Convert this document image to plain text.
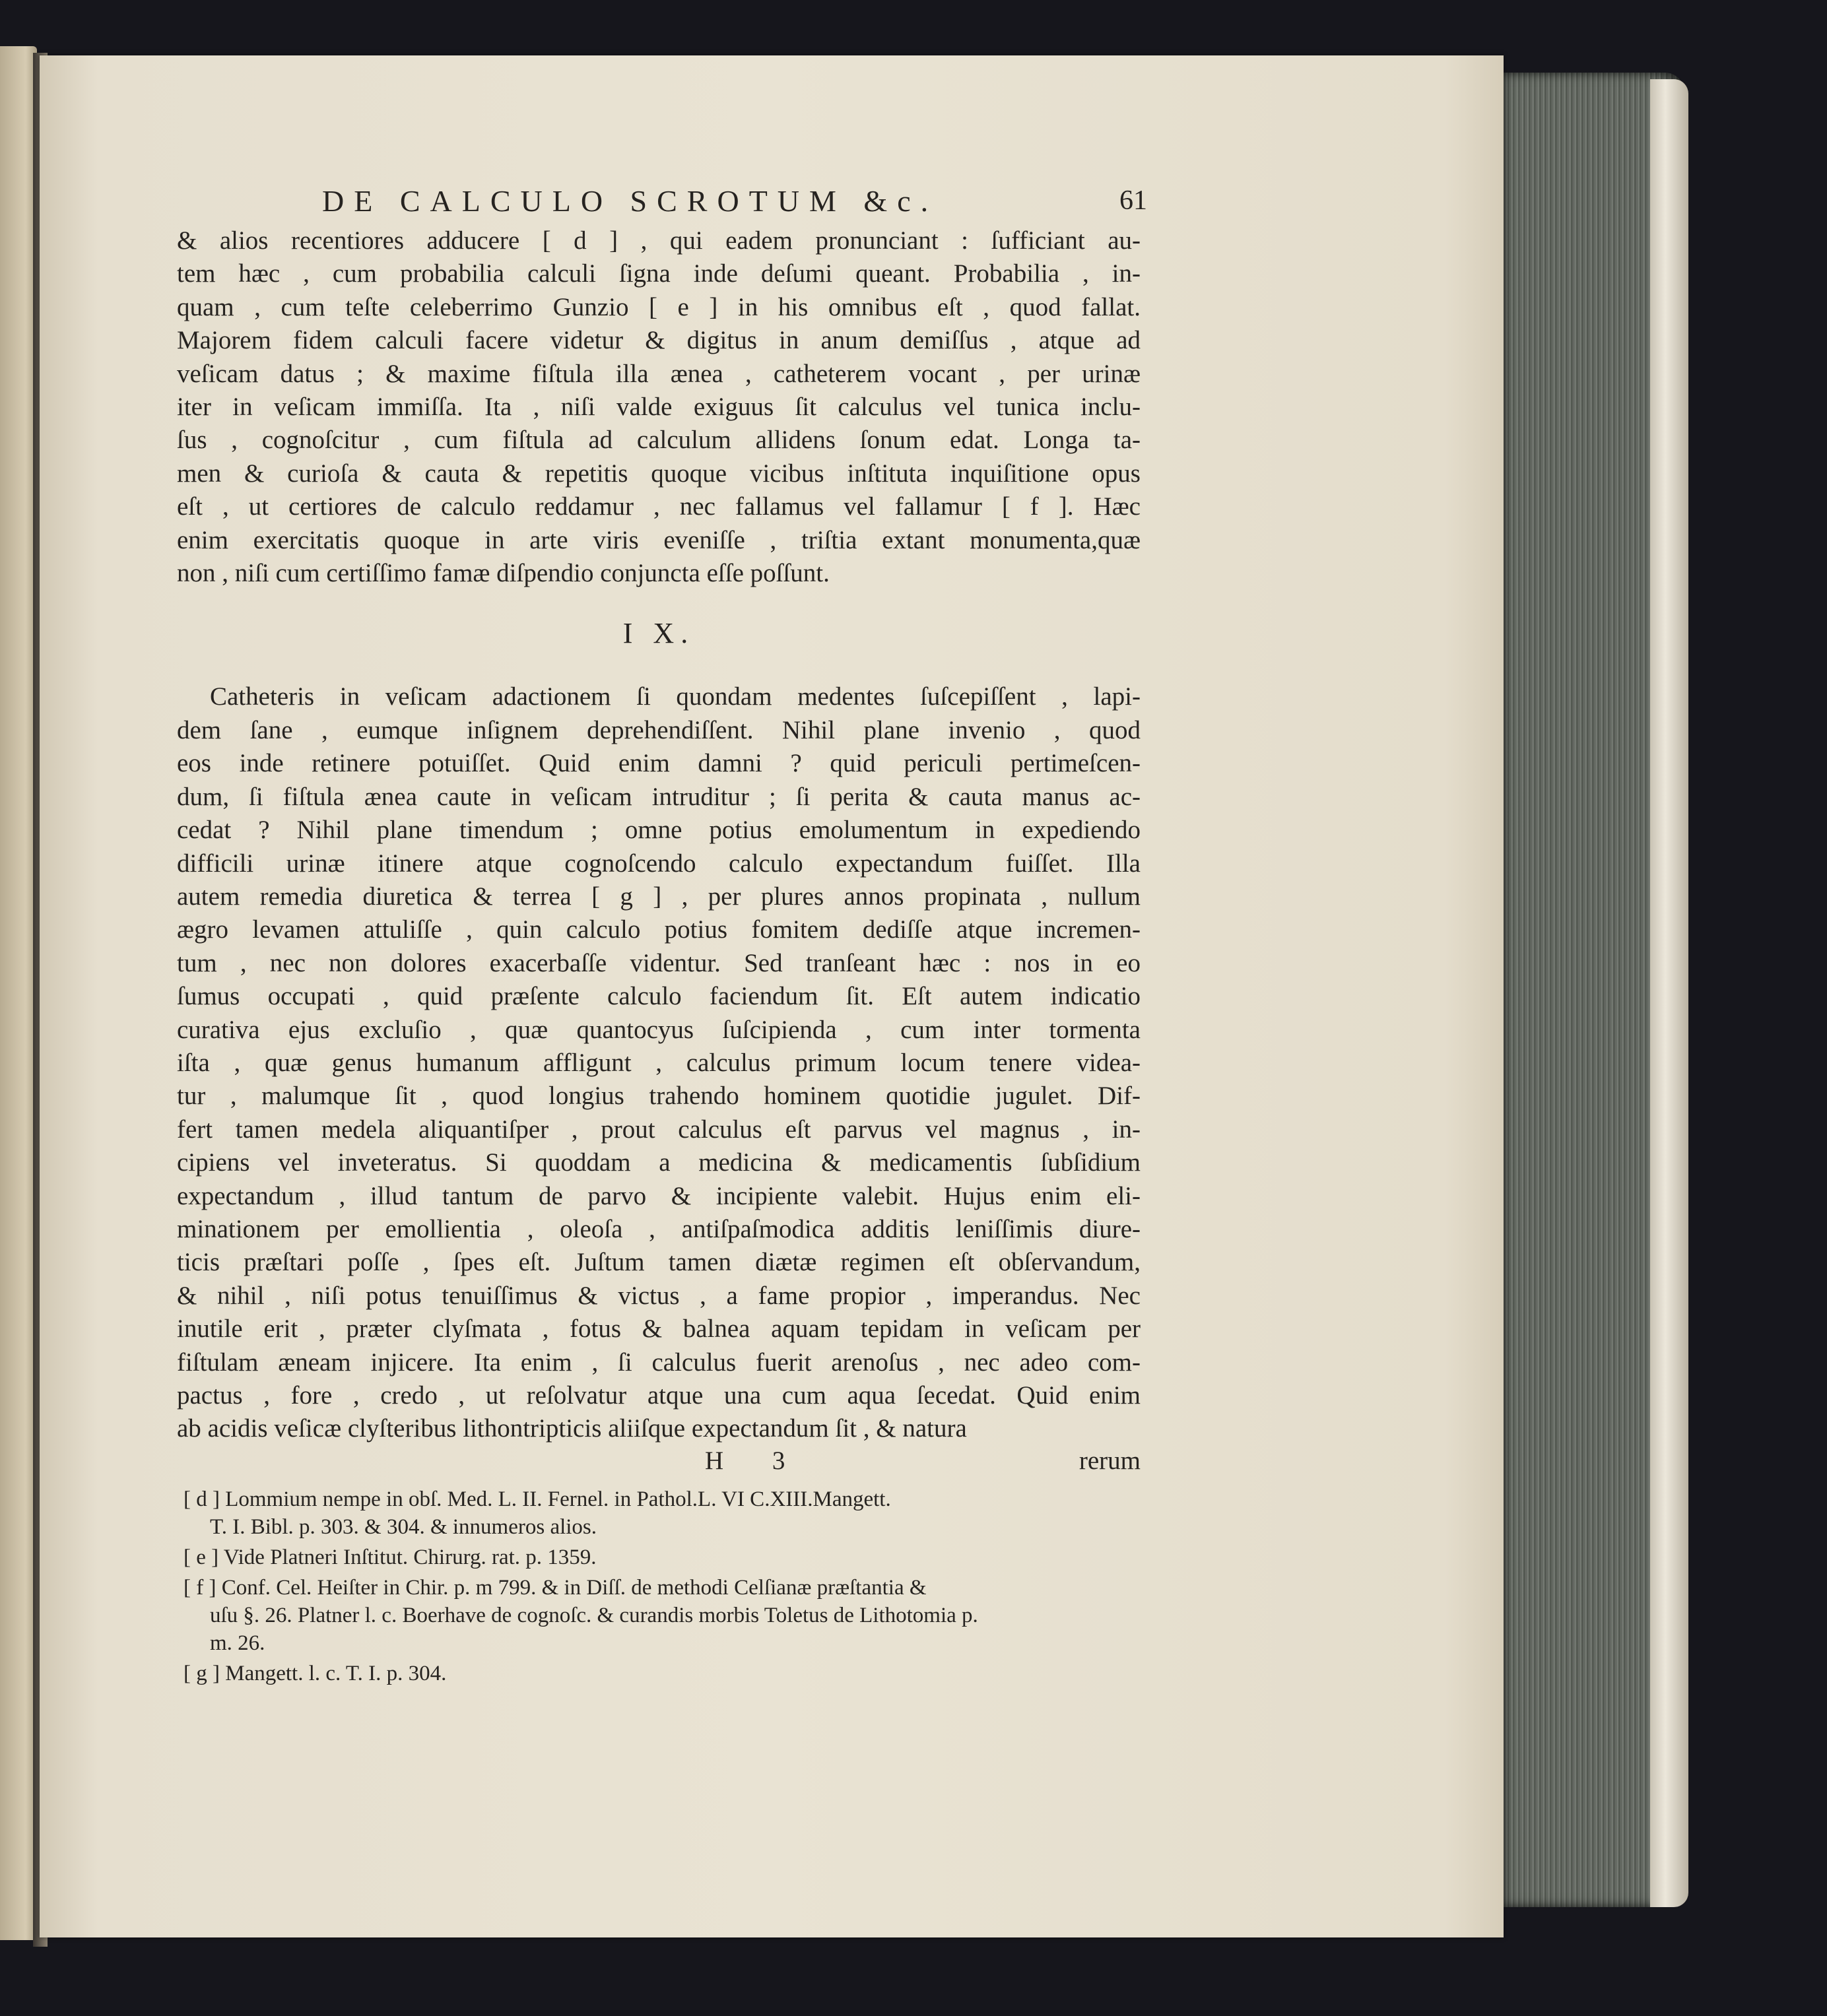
DE CALCULO SCROTUM &c.	61

& alios recentiores adducere [ d ] , qui eadem pronunciant : ſufficiant au-
tem hæc , cum probabilia calculi ſigna inde deſumi queant. Probabilia , in-
quam , cum teſte celeberrimo Gunzio [ e ] in his omnibus eſt , quod fallat.
Majorem fidem calculi facere videtur & digitus in anum demiſſus , atque ad
veſicam datus ; & maxime fiſtula illa ænea , catheterem vocant , per urinæ
iter in veſicam immiſſa. Ita , niſi valde exiguus ſit calculus vel tunica inclu-
ſus , cognoſcitur , cum fiſtula ad calculum allidens ſonum edat. Longa ta-
men & curioſa & cauta & repetitis quoque vicibus inſtituta inquiſitione opus
eſt , ut certiores de calculo reddamur , nec fallamus vel fallamur [ f ]. Hæc
enim exercitatis quoque in arte viris eveniſſe , triſtia extant monumenta,quæ
non , niſi cum certiſſimo famæ diſpendio conjuncta eſſe poſſunt.

I X.

Catheteris in veſicam adactionem ſi quondam medentes ſuſcepiſſent , lapi-
dem ſane , eumque inſignem deprehendiſſent. Nihil plane invenio , quod
eos inde retinere potuiſſet. Quid enim damni ? quid periculi pertimeſcen-
dum, ſi fiſtula ænea caute in veſicam intruditur ; ſi perita & cauta manus ac-
cedat ? Nihil plane timendum ; omne potius emolumentum in expediendo
difficili urinæ itinere atque cognoſcendo calculo expectandum fuiſſet. Illa
autem remedia diuretica & terrea [ g ] , per plures annos propinata , nullum
ægro levamen attuliſſe , quin calculo potius fomitem dediſſe atque incremen-
tum , nec non dolores exacerbaſſe videntur. Sed tranſeant hæc : nos in eo
ſumus occupati , quid præſente calculo faciendum ſit. Eſt autem indicatio
curativa ejus excluſio , quæ quantocyus ſuſcipienda , cum inter tormenta
iſta , quæ genus humanum affligunt , calculus primum locum tenere videa-
tur , malumque ſit , quod longius trahendo hominem quotidie jugulet. Dif-
fert tamen medela aliquantiſper , prout calculus eſt parvus vel magnus , in-
cipiens vel inveteratus. Si quoddam a medicina & medicamentis ſubſidium
expectandum , illud tantum de parvo & incipiente valebit. Hujus enim eli-
minationem per emollientia , oleoſa , antiſpaſmodica additis leniſſimis diure-
ticis præſtari poſſe , ſpes eſt. Juſtum tamen diætæ regimen eſt obſervandum,
& nihil , niſi potus tenuiſſimus & victus , a fame propior , imperandus. Nec
inutile erit , præter clyſmata , fotus & balnea aquam tepidam in veſicam per
fiſtulam æneam injicere. Ita enim , ſi calculus fuerit arenoſus , nec adeo com-
pactus , fore , credo , ut reſolvatur atque una cum aqua ſecedat. Quid enim
ab acidis veſicæ clyſteribus lithontripticis aliiſque expectandum ſit , & natura

H 3	rerum

[ d ] Lommium nempe in obſ. Med. L. II. Fernel. in Pathol.L. VI C.XIII.Mangett.
T. I. Bibl. p. 303. & 304. & innumeros alios.

[ e ] Vide Platneri Inſtitut. Chirurg. rat. p. 1359.

[ f ] Conf. Cel. Heiſter in Chir. p. m 799. & in Diſſ. de methodi Celſianæ præſtantia &
uſu §. 26. Platner l. c. Boerhave de cognoſc. & curandis morbis Toletus de Lithotomia p.
m. 26.

[ g ] Mangett. l. c. T. I. p. 304.
